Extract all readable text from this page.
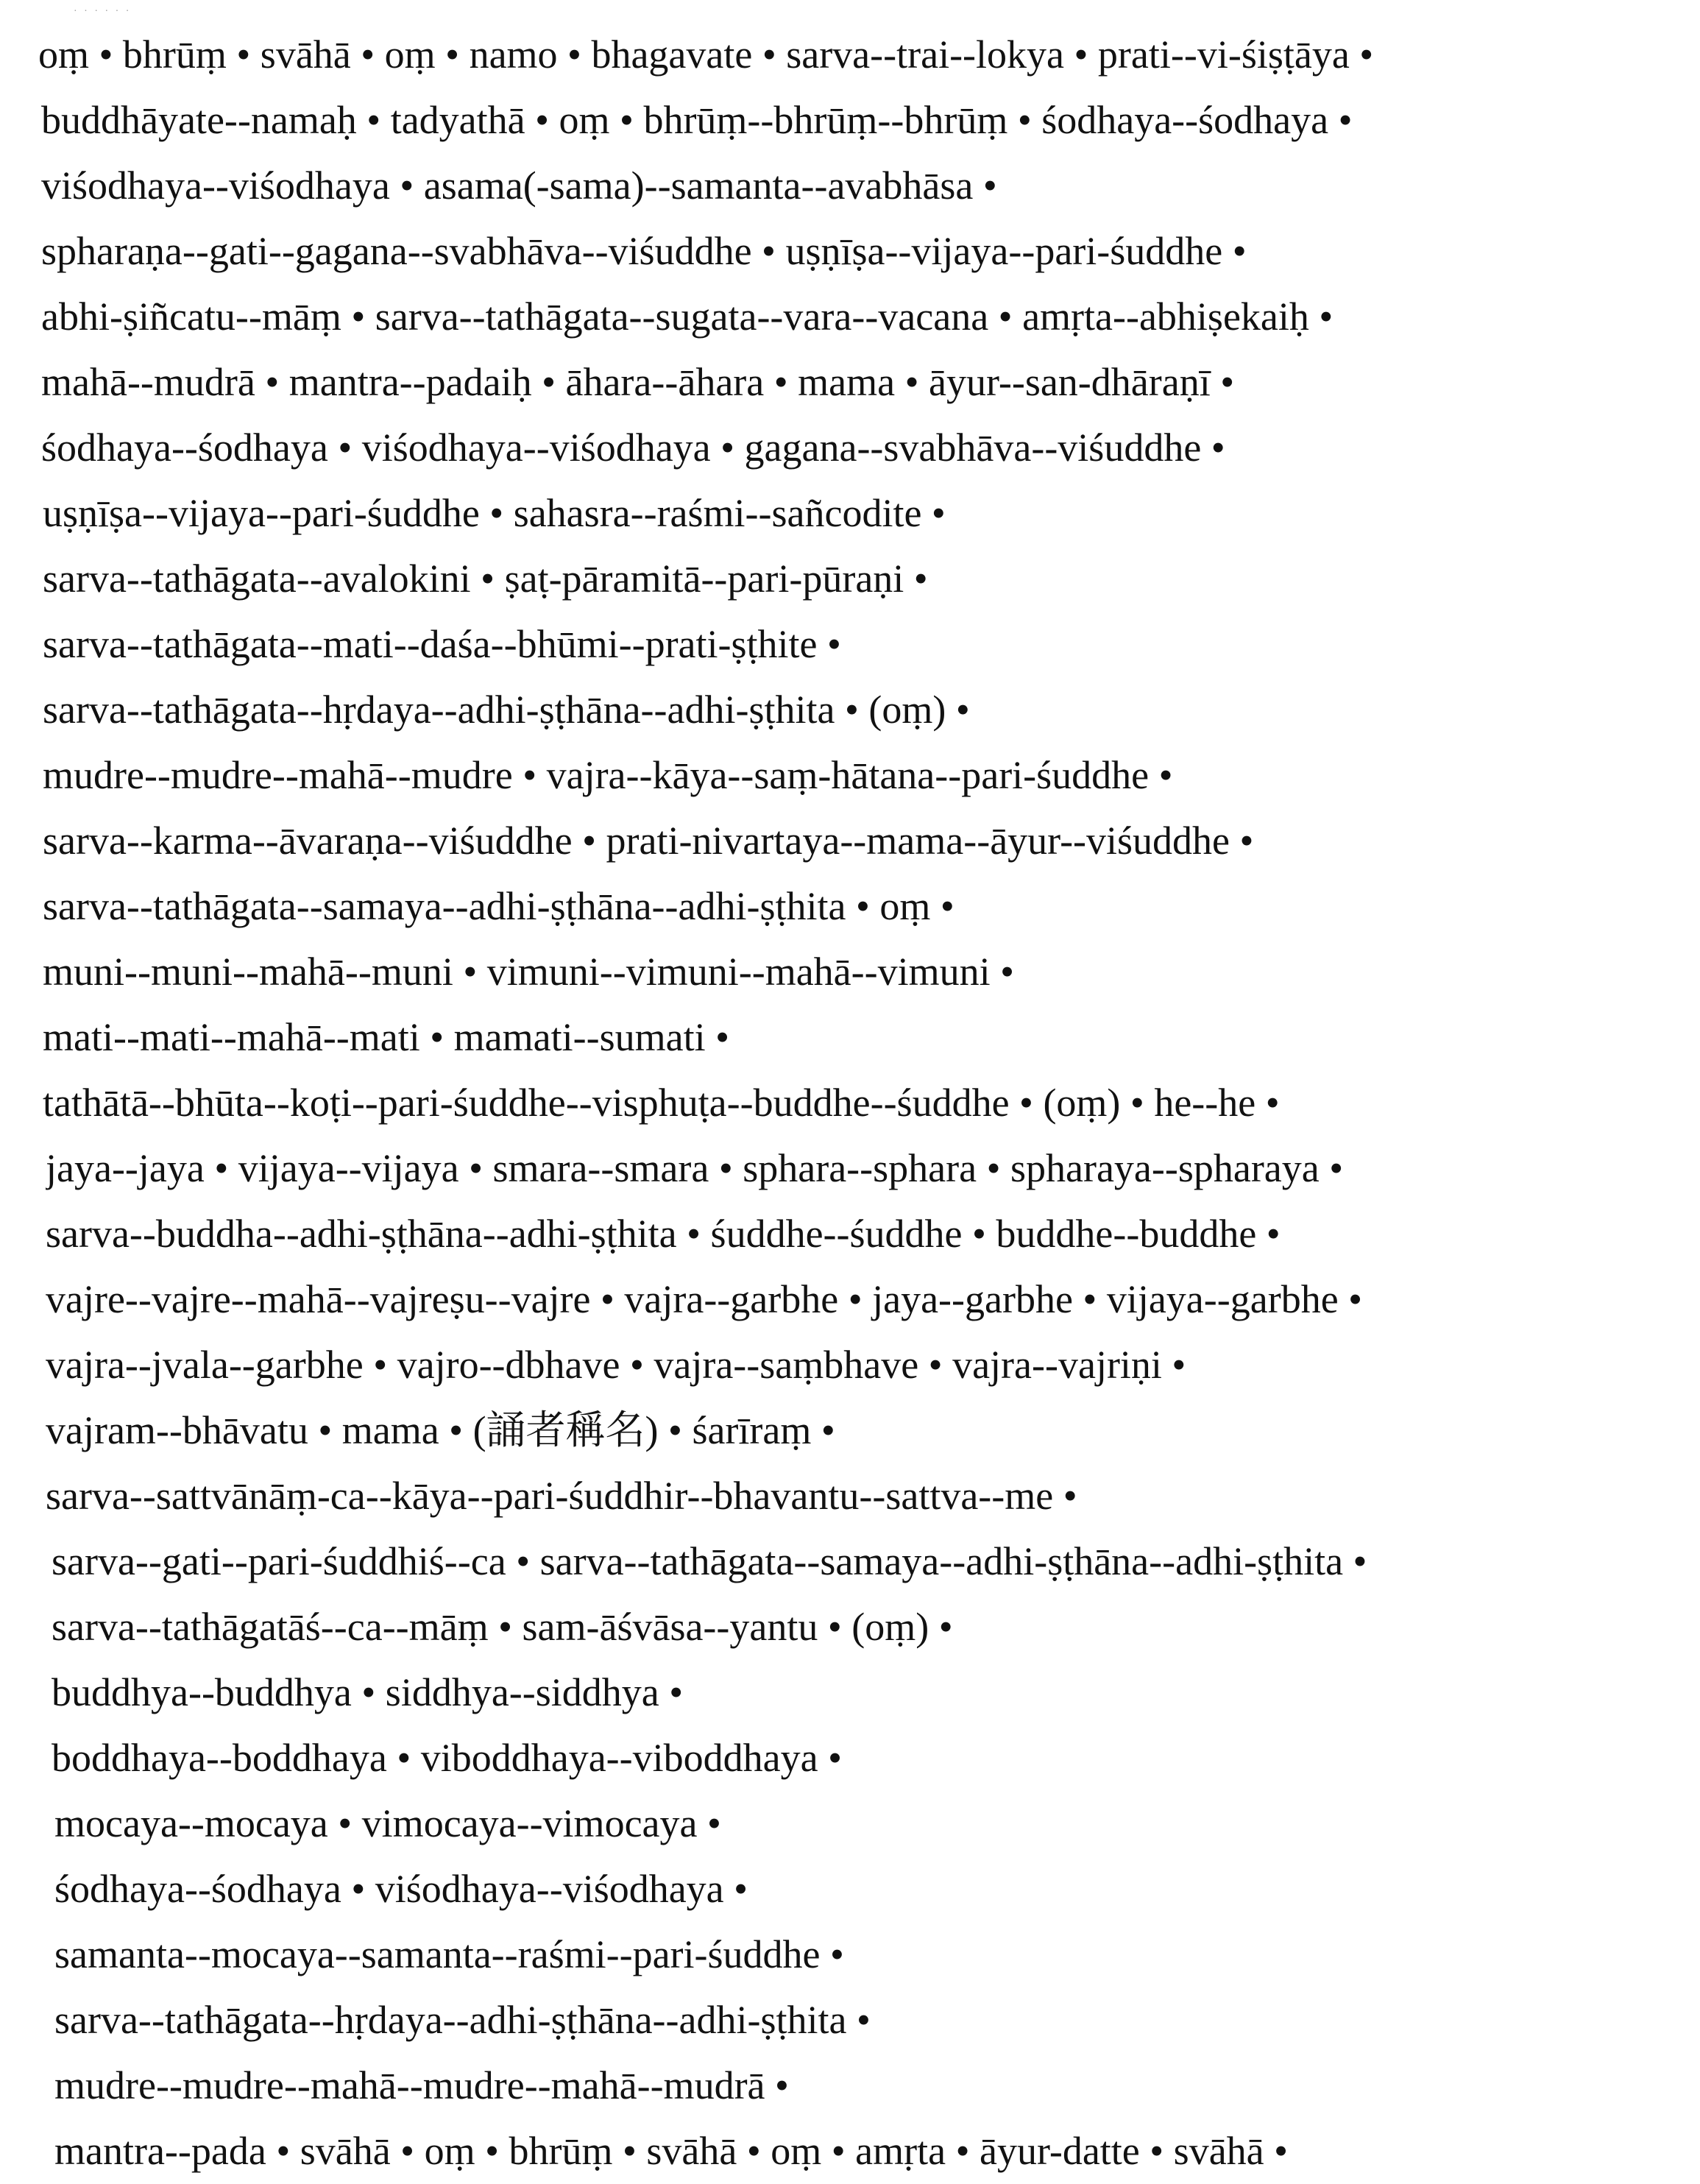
· · · · · ·
oṃ • bhrūṃ • svāhā • oṃ • namo • bhagavate • sarva--trai--lokya • prati--vi-śiṣṭāya •
buddhāyate--namaḥ • tadyathā • oṃ • bhrūṃ--bhrūṃ--bhrūṃ • śodhaya--śodhaya •
viśodhaya--viśodhaya • asama(-sama)--samanta--avabhāsa •
spharaṇa--gati--gagana--svabhāva--viśuddhe • uṣṇīṣa--vijaya--pari-śuddhe •
abhi-ṣiñcatu--māṃ • sarva--tathāgata--sugata--vara--vacana • amṛta--abhiṣekaiḥ •
mahā--mudrā • mantra--padaiḥ • āhara--āhara • mama • āyur--san-dhāraṇī •
śodhaya--śodhaya • viśodhaya--viśodhaya • gagana--svabhāva--viśuddhe •
uṣṇīṣa--vijaya--pari-śuddhe • sahasra--raśmi--sañcodite •
sarva--tathāgata--avalokini • ṣaṭ-pāramitā--pari-pūraṇi •
sarva--tathāgata--mati--daśa--bhūmi--prati-ṣṭhite •
sarva--tathāgata--hṛdaya--adhi-ṣṭhāna--adhi-ṣṭhita • (oṃ) •
mudre--mudre--mahā--mudre • vajra--kāya--saṃ-hātana--pari-śuddhe •
sarva--karma--āvaraṇa--viśuddhe • prati-nivartaya--mama--āyur--viśuddhe •
sarva--tathāgata--samaya--adhi-ṣṭhāna--adhi-ṣṭhita • oṃ •
muni--muni--mahā--muni • vimuni--vimuni--mahā--vimuni •
mati--mati--mahā--mati • mamati--sumati •
tathātā--bhūta--koṭi--pari-śuddhe--visphuṭa--buddhe--śuddhe • (oṃ) • he--he •
jaya--jaya • vijaya--vijaya • smara--smara • sphara--sphara • spharaya--spharaya •
sarva--buddha--adhi-ṣṭhāna--adhi-ṣṭhita • śuddhe--śuddhe • buddhe--buddhe •
vajre--vajre--mahā--vajreṣu--vajre • vajra--garbhe • jaya--garbhe • vijaya--garbhe •
vajra--jvala--garbhe • vajro--dbhave • vajra--saṃbhave • vajra--vajriṇi •
vajram--bhāvatu • mama • (誦者稱名) • śarīraṃ •
sarva--sattvānāṃ-ca--kāya--pari-śuddhir--bhavantu--sattva--me •
sarva--gati--pari-śuddhiś--ca • sarva--tathāgata--samaya--adhi-ṣṭhāna--adhi-ṣṭhita •
sarva--tathāgatāś--ca--māṃ • sam-āśvāsa--yantu • (oṃ) •
buddhya--buddhya • siddhya--siddhya •
boddhaya--boddhaya • viboddhaya--viboddhaya •
mocaya--mocaya • vimocaya--vimocaya •
śodhaya--śodhaya • viśodhaya--viśodhaya •
samanta--mocaya--samanta--raśmi--pari-śuddhe •
sarva--tathāgata--hṛdaya--adhi-ṣṭhāna--adhi-ṣṭhita •
mudre--mudre--mahā--mudre--mahā--mudrā •
mantra--pada • svāhā • oṃ • bhrūṃ • svāhā • oṃ • amṛta • āyur-datte • svāhā •
